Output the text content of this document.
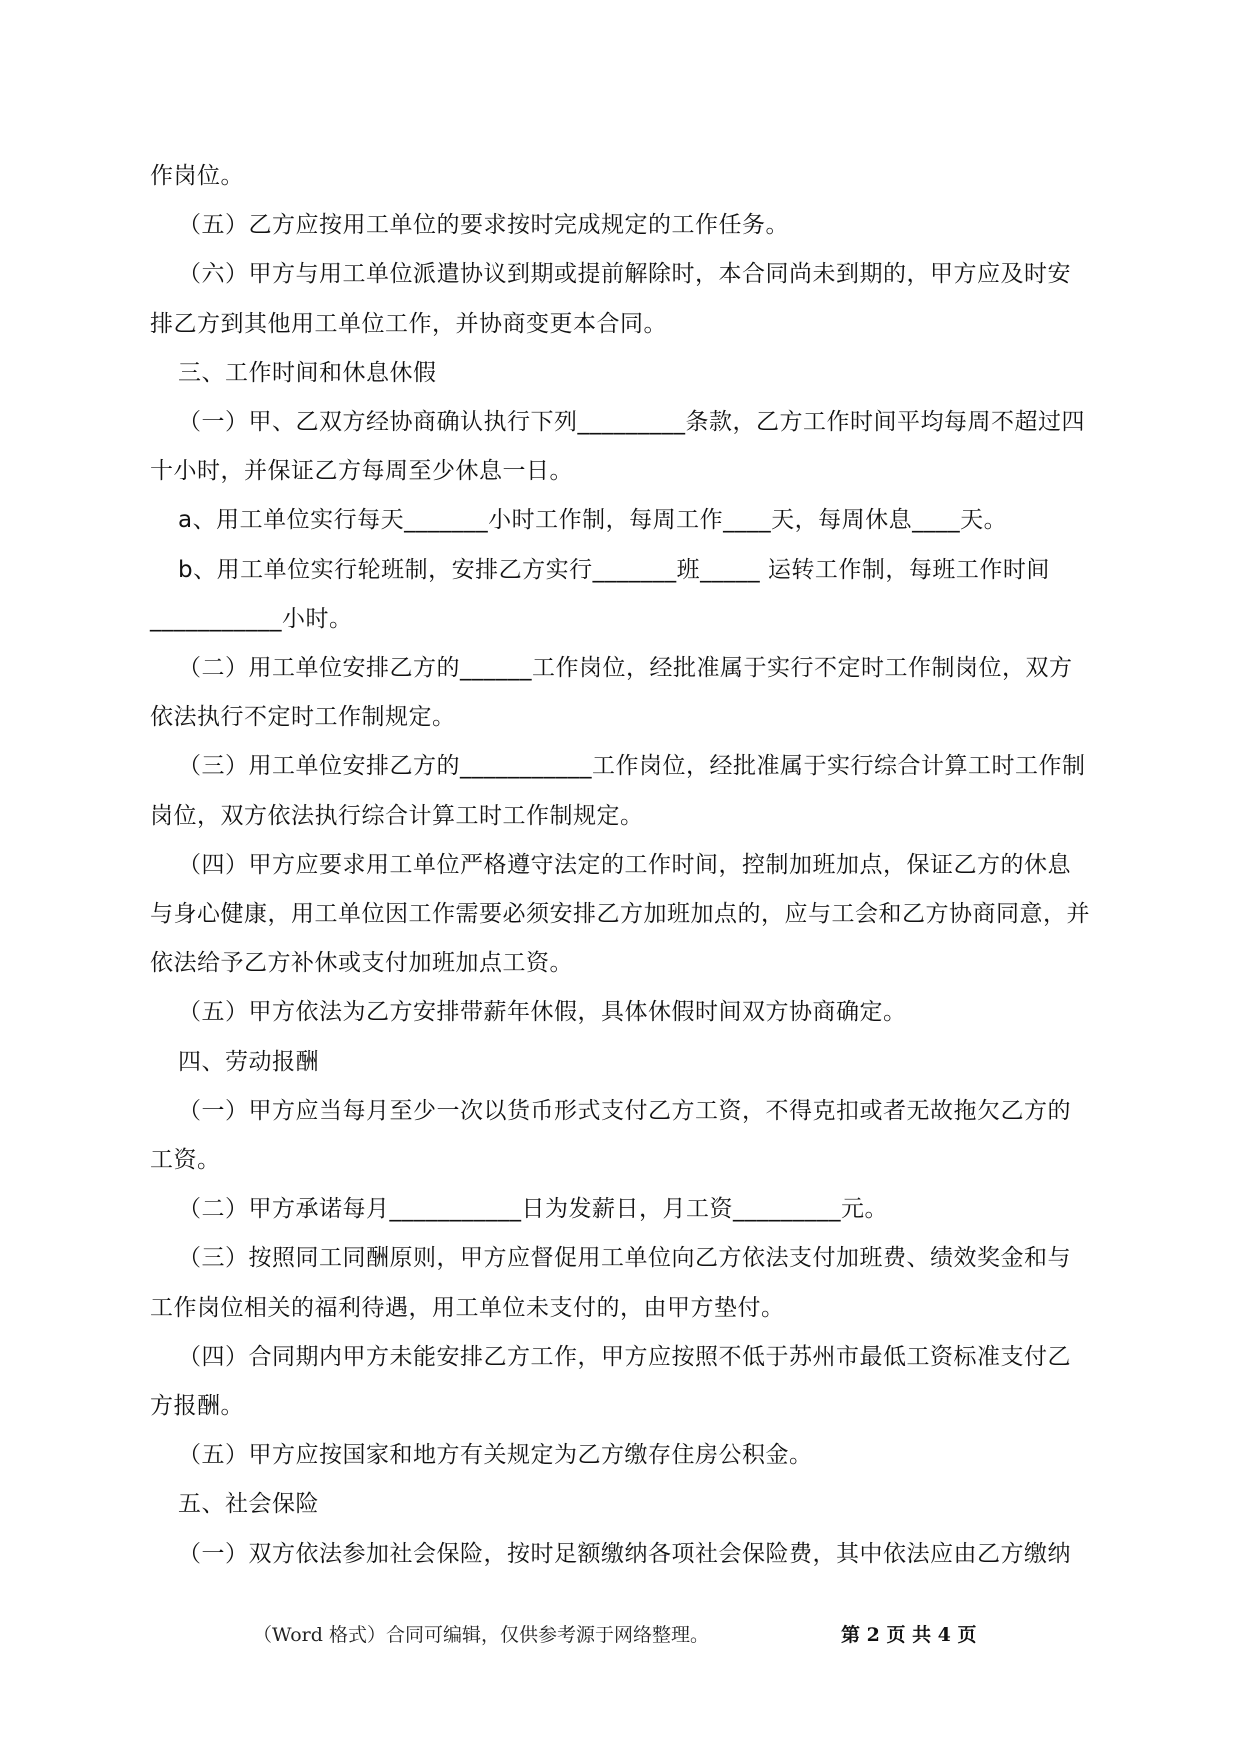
作岗位。

（五）乙方应按用工单位的要求按时完成规定的工作任务。

（六）甲方与用工单位派遣协议到期或提前解除时，本合同尚未到期的，甲方应及时安排乙方到其他用工单位工作，并协商变更本合同。

三、工作时间和休息休假

（一）甲、乙双方经协商确认执行下列_________条款，乙方工作时间平均每周不超过四十小时，并保证乙方每周至少休息一日。

a、用工单位实行每天_______小时工作制，每周工作____天，每周休息____天。

b、用工单位实行轮班制，安排乙方实行_______班_____ 运转工作制，每班工作时间___________小时。

（二）用工单位安排乙方的______工作岗位，经批准属于实行不定时工作制岗位，双方依法执行不定时工作制规定。

（三）用工单位安排乙方的___________工作岗位，经批准属于实行综合计算工时工作制岗位，双方依法执行综合计算工时工作制规定。

（四）甲方应要求用工单位严格遵守法定的工作时间，控制加班加点，保证乙方的休息与身心健康，用工单位因工作需要必须安排乙方加班加点的，应与工会和乙方协商同意，并依法给予乙方补休或支付加班加点工资。

（五）甲方依法为乙方安排带薪年休假，具体休假时间双方协商确定。

四、劳动报酬

（一）甲方应当每月至少一次以货币形式支付乙方工资，不得克扣或者无故拖欠乙方的工资。

（二）甲方承诺每月___________日为发薪日，月工资_________元。

（三）按照同工同酬原则，甲方应督促用工单位向乙方依法支付加班费、绩效奖金和与工作岗位相关的福利待遇，用工单位未支付的，由甲方垫付。

（四）合同期内甲方未能安排乙方工作，甲方应按照不低于苏州市最低工资标准支付乙方报酬。

（五）甲方应按国家和地方有关规定为乙方缴存住房公积金。

五、社会保险

（一）双方依法参加社会保险，按时足额缴纳各项社会保险费，其中依法应由乙方缴纳

（Word 格式）合同可编辑，仅供参考源于网络整理。	第 2 页 共 4 页
